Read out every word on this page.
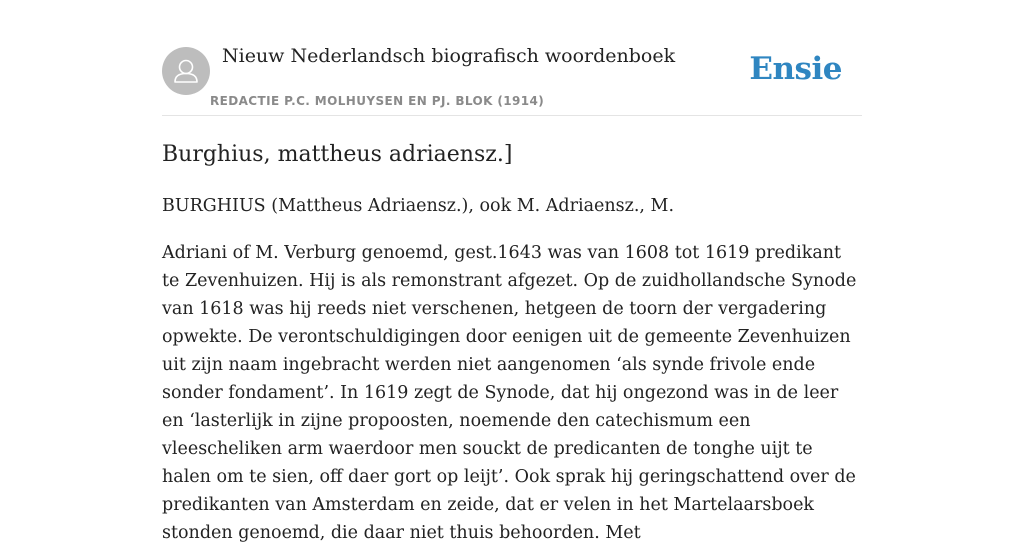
Nieuw Nederlandsch biografisch woordenboek
REDACTIE P.C. MOLHUYSEN EN PJ. BLOK (1914)
Ensie
Burghius, mattheus adriaensz.]

BURGHIUS (Mattheus Adriaensz.), ook M. Adriaensz., M.

Adriani of M. Verburg genoemd, gest.1643 was van 1608 tot 1619 predikant te Zevenhuizen. Hij is als remonstrant afgezet. Op de zuidhollandsche Synode van 1618 was hij reeds niet verschenen, hetgeen de toorn der vergadering opwekte. De verontschuldigingen door eenigen uit de gemeente Zevenhuizen uit zijn naam ingebracht werden niet aangenomen ‘als synde frivole ende sonder fondament’. In 1619 zegt de Synode, dat hij ongezond was in de leer en ‘lasterlijk in zijne propoosten, noemende den catechismum een vleescheliken arm waerdoor men souckt de predicanten de tonghe uijt te halen om te sien, off daer gort op leijt’. Ook sprak hij geringschattend over de predikanten van Amsterdam en zeide, dat er velen in het Martelaarsboek stonden genoemd, die daar niet thuis behoorden. Met
